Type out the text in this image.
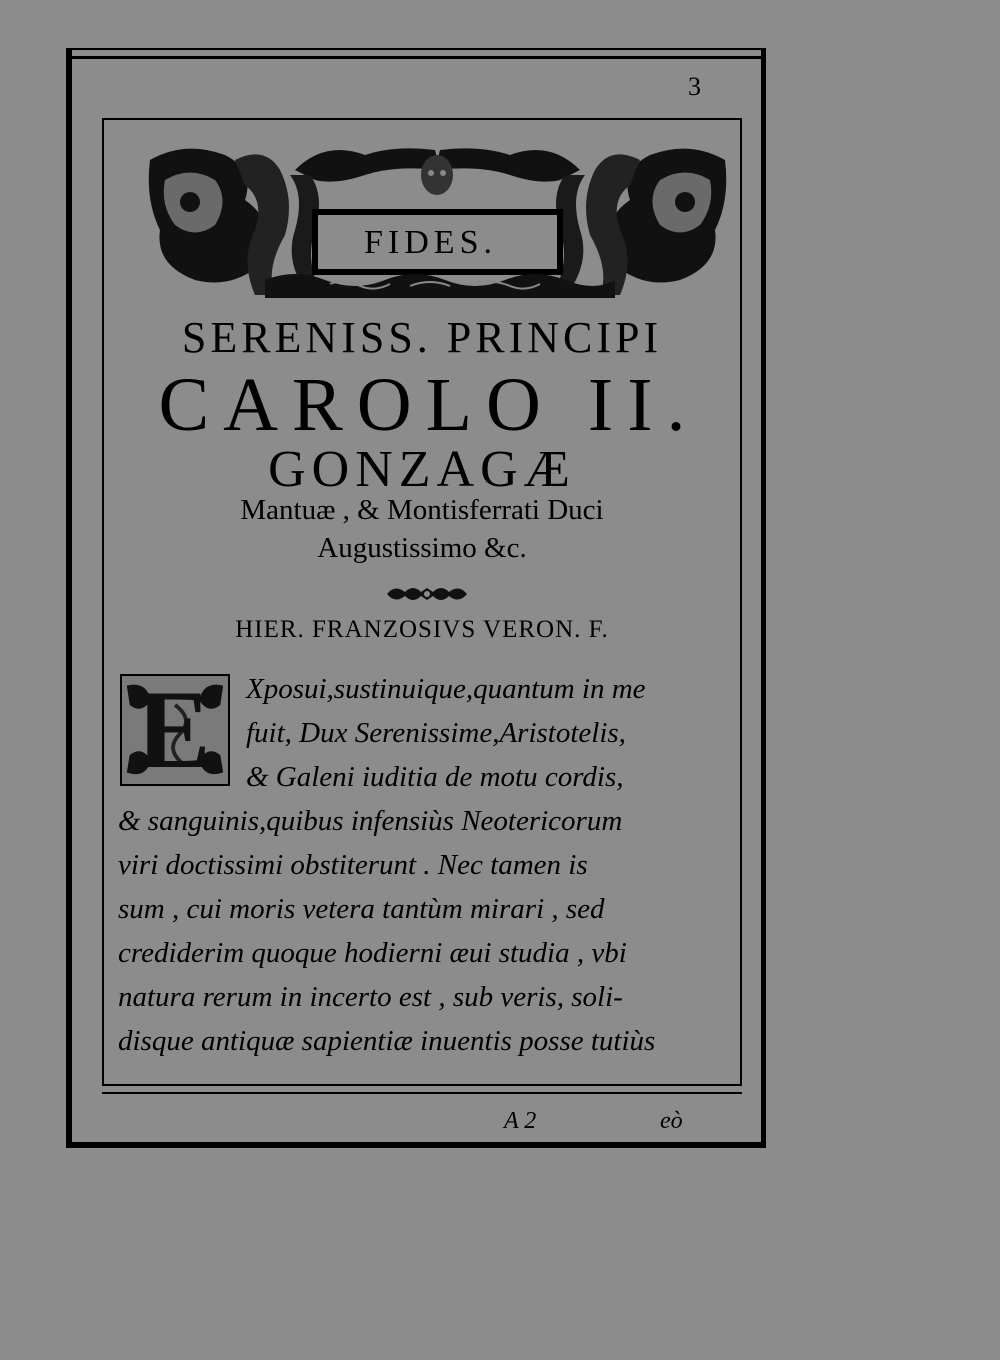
3
FIDES.
SERENISS. PRINCIPI
CAROLO II.
GONZAGÆ
Mantuæ , & Montisferrati Duci
Augustissimo &c.
HIER. FRANZOSIVS VERON. F.
E Xposui,sustinuique,quantum in me
fuit, Dux Serenissime,Aristotelis,
& Galeni iuditia de motu cordis,
& sanguinis,quibus infensiùs Neotericorum
viri doctissimi obstiterunt . Nec tamen is
sum , cui moris vetera tantùm mirari , sed
crediderim quoque hodierni æui studia , vbi
natura rerum in incerto est , sub veris, soli-
disque antiquæ sapientiæ inuentis posse tutiùs
A 2	eò
